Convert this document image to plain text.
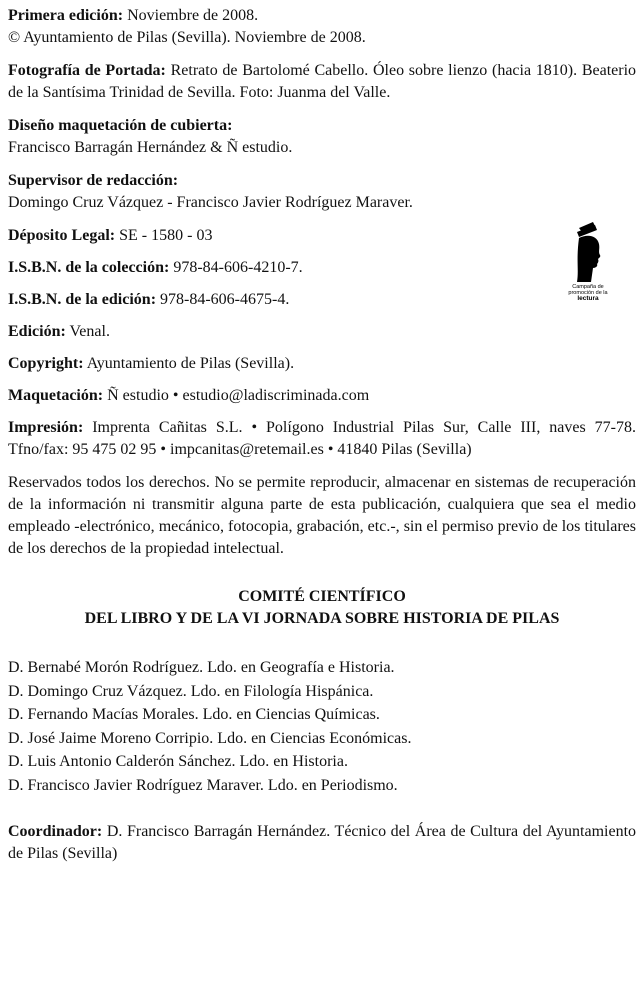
Primera edición: Noviembre de 2008.
© Ayuntamiento de Pilas (Sevilla). Noviembre de 2008.
Fotografía de Portada: Retrato de Bartolomé Cabello. Óleo sobre lienzo (hacia 1810). Beaterio de la Santísima Trinidad de Sevilla. Foto: Juanma del Valle.
Diseño maquetación de cubierta:
Francisco Barragán Hernández & Ñ estudio.
Supervisor de redacción:
Domingo Cruz Vázquez - Francisco Javier Rodríguez Maraver.
Déposito Legal: SE - 1580 - 03
I.S.B.N. de la colección: 978-84-606-4210-7.
I.S.B.N. de la edición: 978-84-606-4675-4.
Edición: Venal.
Copyright: Ayuntamiento de Pilas (Sevilla).
Maquetación: Ñ estudio • estudio@ladiscriminada.com
Impresión: Imprenta Cañitas S.L. • Polígono Industrial Pilas Sur, Calle III, naves 77-78. Tfno/fax: 95 475 02 95 • impcanitas@retemail.es • 41840 Pilas (Sevilla)
Reservados todos los derechos. No se permite reproducir, almacenar en sistemas de recuperación de la información ni transmitir alguna parte de esta publicación, cualquiera que sea el medio empleado -electrónico, mecánico, fotocopia, grabación, etc.-, sin el permiso previo de los titulares de los derechos de la propiedad intelectual.
COMITÉ CIENTÍFICO
DEL LIBRO Y DE LA VI JORNADA SOBRE HISTORIA DE PILAS
D. Bernabé Morón Rodríguez. Ldo. en Geografía e Historia.
D. Domingo Cruz Vázquez. Ldo. en Filología Hispánica.
D. Fernando Macías Morales. Ldo. en Ciencias Químicas.
D. José Jaime Moreno Corripio. Ldo. en Ciencias Económicas.
D. Luis Antonio Calderón Sánchez. Ldo. en Historia.
D. Francisco Javier Rodríguez Maraver. Ldo. en Periodismo.
Coordinador: D. Francisco Barragán Hernández. Técnico del Área de Cultura del Ayuntamiento de Pilas (Sevilla)
Campaña de
promoción de la
lectura
